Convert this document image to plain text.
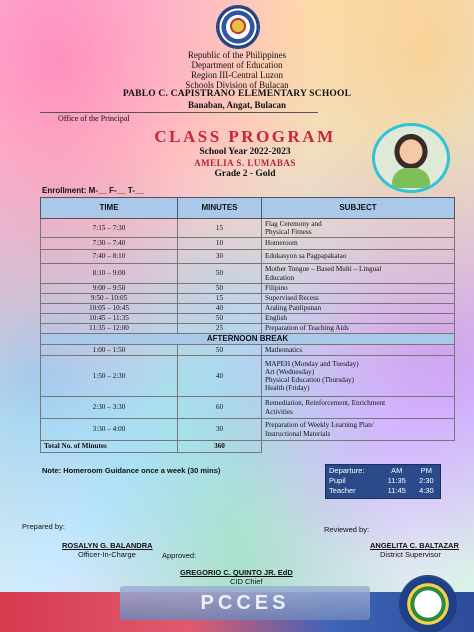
Republic of the Philippines
Department of Education
Region III-Central Luzon
Schools Division of Bulacan
PABLO C. CAPISTRANO ELEMENTARY SCHOOL
Banaban, Angat, Bulacan
Office of the Principal
CLASS PROGRAM
School Year 2022-2023
AMELIA S. LUMABAS
Grade 2 - Gold
Enrollment: M-__ F-__ T-__
TIME	MINUTES	SUBJECT
7:15 – 7:30	15	Flag Ceremony and
Physical Fitness
7:30 – 7:40	10	Homeroom
7:40 – 8:10	30	Edukasyon sa Pagpapakatao
8:10 – 9:00	50	Mother Tongue – Based Multi – Lingual
Education
9:00 – 9:50	50	Filipino
9:50 – 10:05	15	Supervised Recess
10:05 – 10:45	40	Araling Panlipunan
10:45 – 11:35	50	English
11:35 – 12:00	25	Preparation of Teaching Aids
AFTERNOON BREAK		
1:00 – 1:50	50	Mathematics
1:50 – 2:30	40	MAPEH (Monday and Tuesday)
Art (Wednesday)
Physical Education (Thursday)
Health (Friday)
2:30 – 3:30	60	Remediation, Reinforcement, Enrichment
Activities
3:30 – 4:00	30	Preparation of Weekly Learning Plan/
Instructional Materials
Total No. of Minutes	360	
Note: Homeroom Guidance once a week (30 mins)	Departure:	AM	PM
Pupil	11:35	2:30
Teacher	11:45	4:30
Prepared by:
ROSALYN G. BALANDRA
Officer-In-Charge
Reviewed by:
ANGELITA C. BALTAZAR
District Supervisor
Approved:
GREGORIO C. QUINTO JR. EdD
CID Chief
PCCES
